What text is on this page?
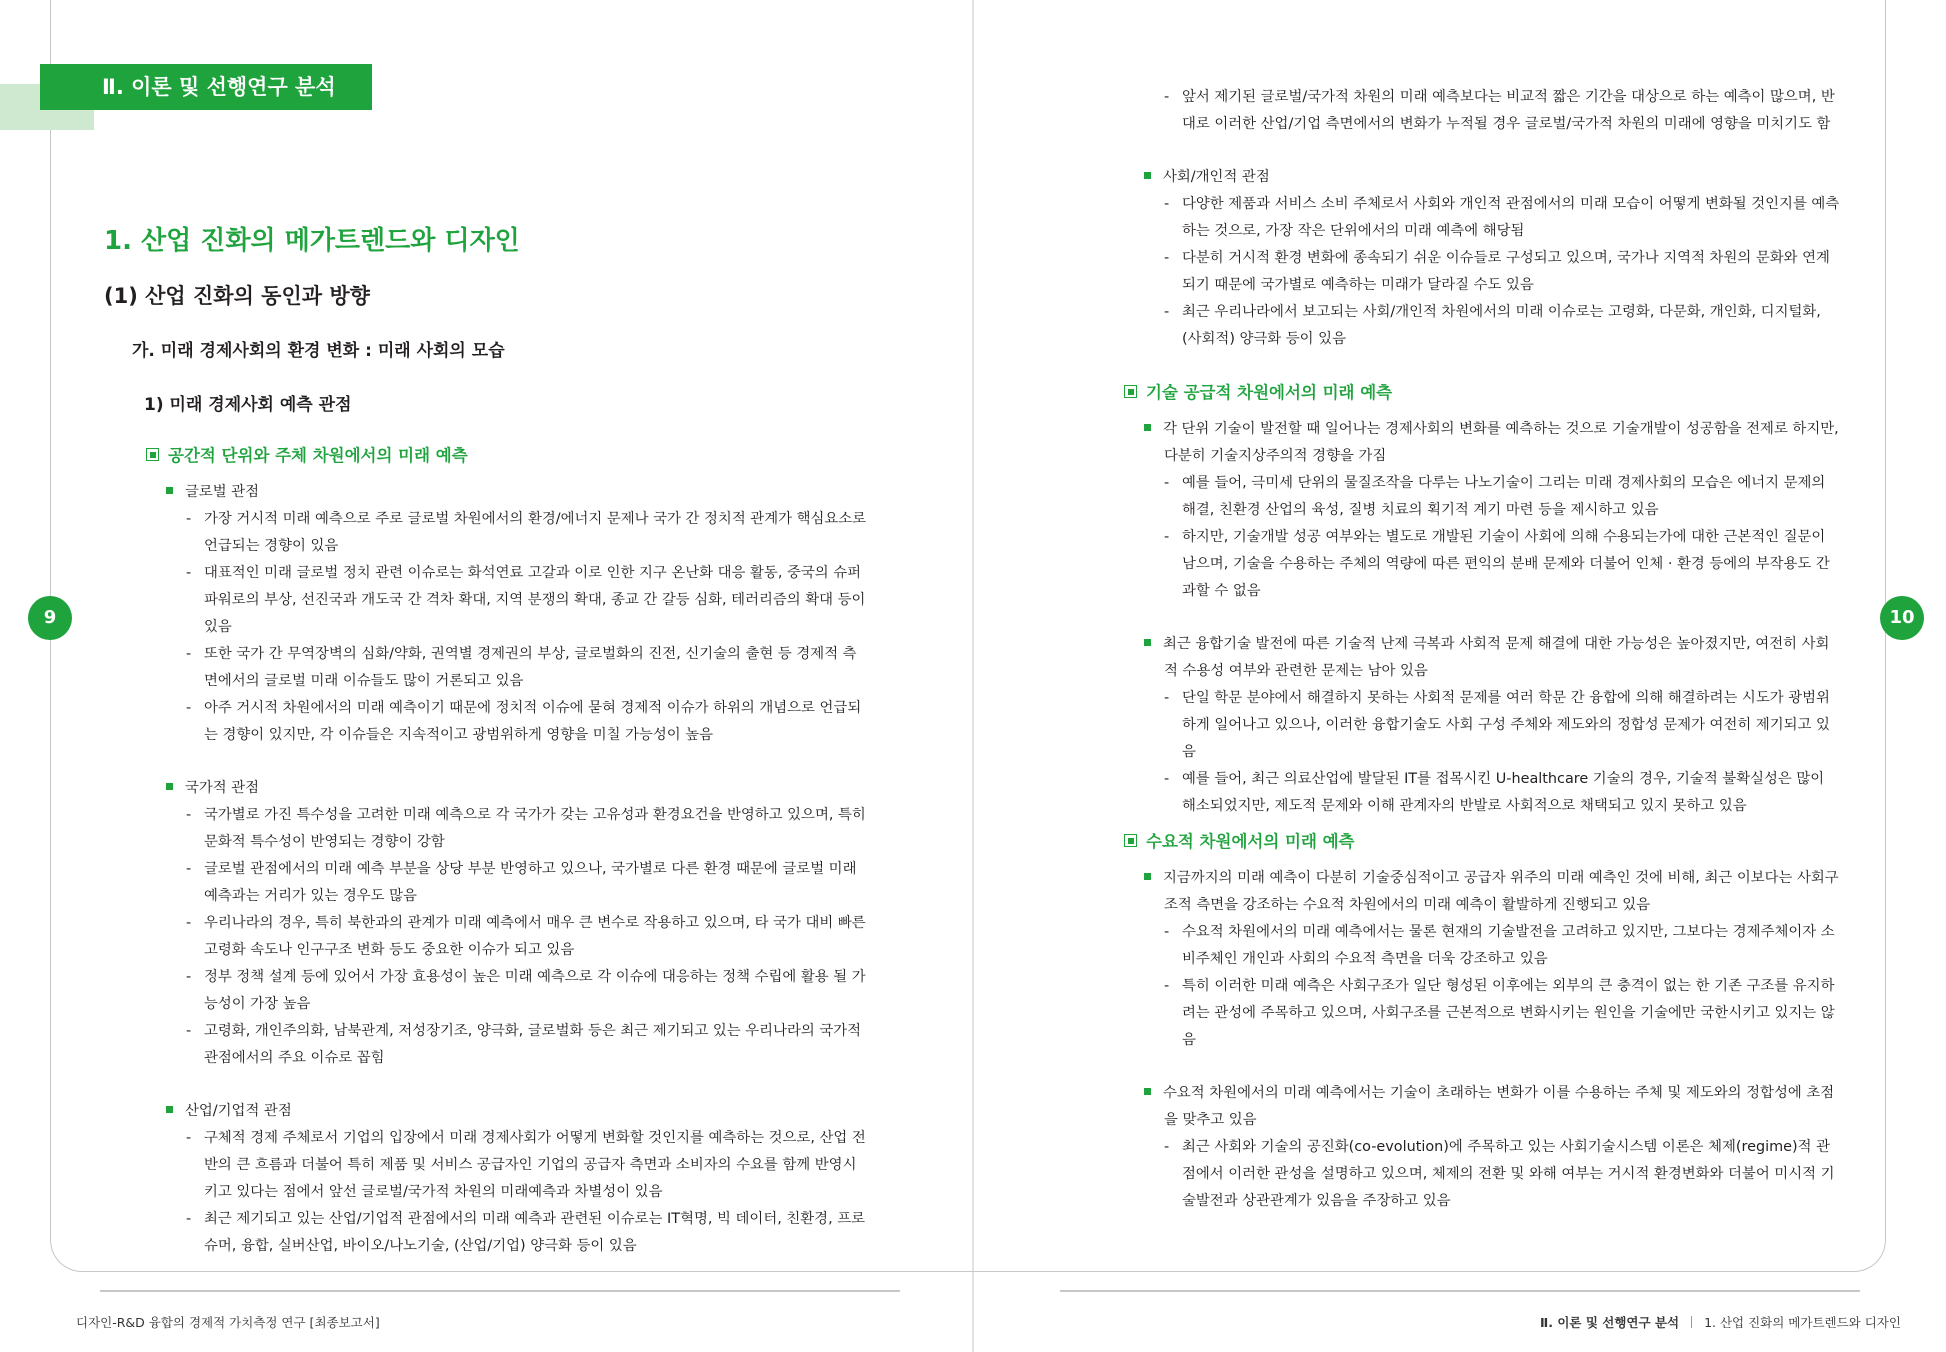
Ⅱ. 이론 및 선행연구 분석
9
1. 산업 진화의 메가트렌드와 디자인
(1) 산업 진화의 동인과 방향
가. 미래 경제사회의 환경 변화 : 미래 사회의 모습
1) 미래 경제사회 예측 관점
공간적 단위와 주체 차원에서의 미래 예측
글로벌 관점
- 가장 거시적 미래 예측으로 주로 글로벌 차원에서의 환경/에너지 문제나 국가 간 정치적 관계가 핵심요소로 언급되는 경향이 있음
- 대표적인 미래 글로벌 정치 관련 이슈로는 화석연료 고갈과 이로 인한 지구 온난화 대응 활동, 중국의 슈퍼파워로의 부상, 선진국과 개도국 간 격차 확대, 지역 분쟁의 확대, 종교 간 갈등 심화, 테러리즘의 확대 등이 있음
- 또한 국가 간 무역장벽의 심화/약화, 권역별 경제권의 부상, 글로벌화의 진전, 신기술의 출현 등 경제적 측면에서의 글로벌 미래 이슈들도 많이 거론되고 있음
- 아주 거시적 차원에서의 미래 예측이기 때문에 정치적 이슈에 묻혀 경제적 이슈가 하위의 개념으로 언급되는 경향이 있지만, 각 이슈들은 지속적이고 광범위하게 영향을 미칠 가능성이 높음
국가적 관점
- 국가별로 가진 특수성을 고려한 미래 예측으로 각 국가가 갖는 고유성과 환경요건을 반영하고 있으며, 특히 문화적 특수성이 반영되는 경향이 강함
- 글로벌 관점에서의 미래 예측 부분을 상당 부분 반영하고 있으나, 국가별로 다른 환경 때문에 글로벌 미래 예측과는 거리가 있는 경우도 많음
- 우리나라의 경우, 특히 북한과의 관계가 미래 예측에서 매우 큰 변수로 작용하고 있으며, 타 국가 대비 빠른 고령화 속도나 인구구조 변화 등도 중요한 이슈가 되고 있음
- 정부 정책 설계 등에 있어서 가장 효용성이 높은 미래 예측으로 각 이슈에 대응하는 정책 수립에 활용 될 가능성이 가장 높음
- 고령화, 개인주의화, 남북관계, 저성장기조, 양극화, 글로벌화 등은 최근 제기되고 있는 우리나라의 국가적 관점에서의 주요 이슈로 꼽힘
산업/기업적 관점
- 구체적 경제 주체로서 기업의 입장에서 미래 경제사회가 어떻게 변화할 것인지를 예측하는 것으로, 산업 전반의 큰 흐름과 더불어 특히 제품 및 서비스 공급자인 기업의 공급자 측면과 소비자의 수요를 함께 반영시키고 있다는 점에서 앞선 글로벌/국가적 차원의 미래예측과 차별성이 있음
- 최근 제기되고 있는 산업/기업적 관점에서의 미래 예측과 관련된 이슈로는 IT혁명, 빅 데이터, 친환경, 프로슈머, 융합, 실버산업, 바이오/나노기술, (산업/기업) 양극화 등이 있음
디자인-R&D 융합의 경제적 가치측정 연구 [최종보고서]
10
- 앞서 제기된 글로벌/국가적 차원의 미래 예측보다는 비교적 짧은 기간을 대상으로 하는 예측이 많으며, 반대로 이러한 산업/기업 측면에서의 변화가 누적될 경우 글로벌/국가적 차원의 미래에 영향을 미치기도 함
사회/개인적 관점
- 다양한 제품과 서비스 소비 주체로서 사회와 개인적 관점에서의 미래 모습이 어떻게 변화될 것인지를 예측하는 것으로, 가장 작은 단위에서의 미래 예측에 해당됨
- 다분히 거시적 환경 변화에 종속되기 쉬운 이슈들로 구성되고 있으며, 국가나 지역적 차원의 문화와 연계되기 때문에 국가별로 예측하는 미래가 달라질 수도 있음
- 최근 우리나라에서 보고되는 사회/개인적 차원에서의 미래 이슈로는 고령화, 다문화, 개인화, 디지털화, (사회적) 양극화 등이 있음
기술 공급적 차원에서의 미래 예측
각 단위 기술이 발전할 때 일어나는 경제사회의 변화를 예측하는 것으로 기술개발이 성공함을 전제로 하지만, 다분히 기술지상주의적 경향을 가짐
- 예를 들어, 극미세 단위의 물질조작을 다루는 나노기술이 그리는 미래 경제사회의 모습은 에너지 문제의 해결, 친환경 산업의 육성, 질병 치료의 획기적 계기 마련 등을 제시하고 있음
- 하지만, 기술개발 성공 여부와는 별도로 개발된 기술이 사회에 의해 수용되는가에 대한 근본적인 질문이 남으며, 기술을 수용하는 주체의 역량에 따른 편익의 분배 문제와 더불어 인체 · 환경 등에의 부작용도 간과할 수 없음
최근 융합기술 발전에 따른 기술적 난제 극복과 사회적 문제 해결에 대한 가능성은 높아졌지만, 여전히 사회적 수용성 여부와 관련한 문제는 남아 있음
- 단일 학문 분야에서 해결하지 못하는 사회적 문제를 여러 학문 간 융합에 의해 해결하려는 시도가 광범위하게 일어나고 있으나, 이러한 융합기술도 사회 구성 주체와 제도와의 정합성 문제가 여전히 제기되고 있음
- 예를 들어, 최근 의료산업에 발달된 IT를 접목시킨 U-healthcare 기술의 경우, 기술적 불확실성은 많이 해소되었지만, 제도적 문제와 이해 관계자의 반발로 사회적으로 채택되고 있지 못하고 있음
수요적 차원에서의 미래 예측
지금까지의 미래 예측이 다분히 기술중심적이고 공급자 위주의 미래 예측인 것에 비해, 최근 이보다는 사회구조적 측면을 강조하는 수요적 차원에서의 미래 예측이 활발하게 진행되고 있음
- 수요적 차원에서의 미래 예측에서는 물론 현재의 기술발전을 고려하고 있지만, 그보다는 경제주체이자 소비주체인 개인과 사회의 수요적 측면을 더욱 강조하고 있음
- 특히 이러한 미래 예측은 사회구조가 일단 형성된 이후에는 외부의 큰 충격이 없는 한 기존 구조를 유지하려는 관성에 주목하고 있으며, 사회구조를 근본적으로 변화시키는 원인을 기술에만 국한시키고 있지는 않음
수요적 차원에서의 미래 예측에서는 기술이 초래하는 변화가 이를 수용하는 주체 및 제도와의 정합성에 초점을 맞추고 있음
- 최근 사회와 기술의 공진화(co-evolution)에 주목하고 있는 사회기술시스템 이론은 체제(regime)적 관점에서 이러한 관성을 설명하고 있으며, 체제의 전환 및 와해 여부는 거시적 환경변화와 더불어 미시적 기술발전과 상관관계가 있음을 주장하고 있음
Ⅱ. 이론 및 선행연구 분석 1. 산업 진화의 메가트렌드와 디자인
